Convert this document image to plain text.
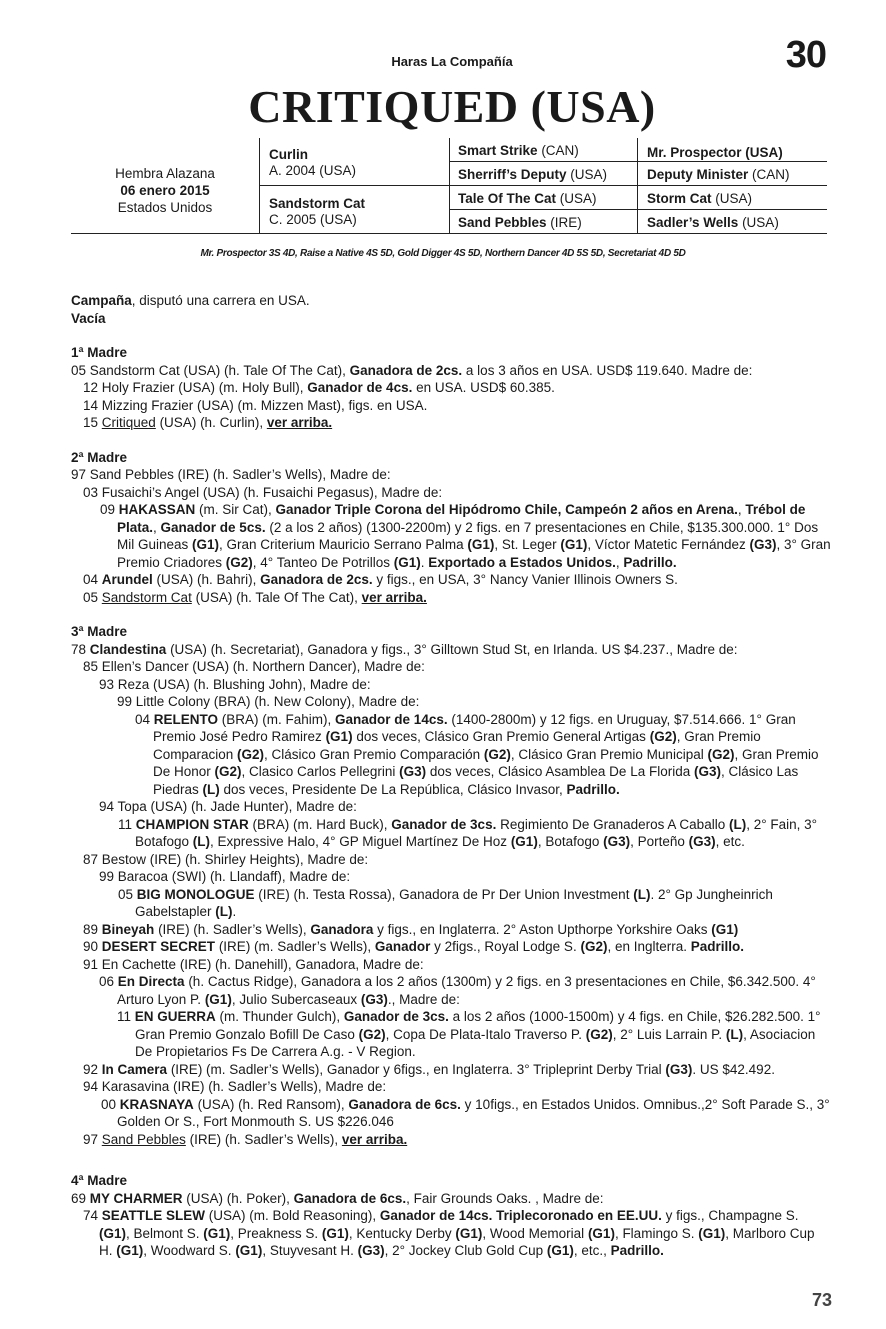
Haras La Compañía	30
CRITIQUED (USA)
Hembra Alazana
06 enero 2015
Estados Unidos
Curlin
A. 2004 (USA)
Sandstorm Cat
C. 2005 (USA)
Smart Strike (CAN)
Sherriff’s Deputy (USA)
Tale Of The Cat (USA)
Sand Pebbles (IRE)
Mr. Prospector (USA)
Deputy Minister (CAN)
Storm Cat (USA)
Sadler’s Wells (USA)
Mr. Prospector 3S 4D, Raise a Native 4S 5D, Gold Digger 4S 5D, Northern Dancer 4D 5S 5D, Secretariat 4D 5D
Campaña, disputó una carrera en USA.
Vacía
1ª Madre
05 Sandstorm Cat (USA) (h. Tale Of The Cat), Ganadora de 2cs. a los 3 años en USA. USD$ 119.640. Madre de:
12 Holy Frazier (USA) (m. Holy Bull), Ganador de 4cs. en USA. USD$ 60.385.
14 Mizzing Frazier (USA) (m. Mizzen Mast), figs. en USA.
15 Critiqued (USA) (h. Curlin), ver arriba.
2ª Madre
97 Sand Pebbles (IRE) (h. Sadler’s Wells), Madre de:
03 Fusaichi’s Angel (USA) (h. Fusaichi Pegasus), Madre de:
09 HAKASSAN (m. Sir Cat), Ganador Triple Corona del Hipódromo Chile, Campeón 2 años en Arena., Trébol de Plata., Ganador de 5cs. (2 a los 2 años) (1300-2200m) y 2 figs. en 7 presentaciones en Chile, $135.300.000. 1° Dos Mil Guineas (G1), Gran Criterium Mauricio Serrano Palma (G1), St. Leger (G1), Víctor Matetic Fernández (G3), 3° Gran Premio Criadores (G2), 4° Tanteo De Potrillos (G1). Exportado a Estados Unidos., Padrillo.
04 Arundel (USA) (h. Bahri), Ganadora de 2cs. y figs., en USA, 3° Nancy Vanier Illinois Owners S.
05 Sandstorm Cat (USA) (h. Tale Of The Cat), ver arriba.
3ª Madre
78 Clandestina (USA) (h. Secretariat), Ganadora y figs., 3° Gilltown Stud St, en Irlanda. US $4.237., Madre de:
85 Ellen’s Dancer (USA) (h. Northern Dancer), Madre de:
93 Reza (USA) (h. Blushing John), Madre de:
99 Little Colony (BRA) (h. New Colony), Madre de:
04 RELENTO (BRA) (m. Fahim), Ganador de 14cs. (1400-2800m) y 12 figs. en Uruguay, $7.514.666. 1° Gran Premio José Pedro Ramirez (G1) dos veces, Clásico Gran Premio General Artigas (G2), Gran Premio Comparacion (G2), Clásico Gran Premio Comparación (G2), Clásico Gran Premio Municipal (G2), Gran Premio De Honor (G2), Clasico Carlos Pellegrini (G3) dos veces, Clásico Asamblea De La Florida (G3), Clásico Las Piedras (L) dos veces, Presidente De La República, Clásico Invasor, Padrillo.
94 Topa (USA) (h. Jade Hunter), Madre de:
11 CHAMPION STAR (BRA) (m. Hard Buck), Ganador de 3cs. Regimiento De Granaderos A Caballo (L), 2° Fain, 3° Botafogo (L), Expressive Halo, 4° GP Miguel Martínez De Hoz (G1), Botafogo (G3), Porteño (G3), etc.
87 Bestow (IRE) (h. Shirley Heights), Madre de:
99 Baracoa (SWI) (h. Llandaff), Madre de:
05 BIG MONOLOGUE (IRE) (h. Testa Rossa), Ganadora de Pr Der Union Investment (L). 2° Gp Jungheinrich Gabelstapler (L).
89 Bineyah (IRE) (h. Sadler’s Wells), Ganadora y figs., en Inglaterra. 2° Aston Upthorpe Yorkshire Oaks (G1)
90 DESERT SECRET (IRE) (m. Sadler’s Wells), Ganador y 2figs., Royal Lodge S. (G2), en Inglterra. Padrillo.
91 En Cachette (IRE) (h. Danehill), Ganadora, Madre de:
06 En Directa (h. Cactus Ridge), Ganadora a los 2 años (1300m) y 2 figs. en 3 presentaciones en Chile, $6.342.500. 4° Arturo Lyon P. (G1), Julio Subercaseaux (G3)., Madre de:
11 EN GUERRA (m. Thunder Gulch), Ganador de 3cs. a los 2 años (1000-1500m) y 4 figs. en Chile, $26.282.500. 1° Gran Premio Gonzalo Bofill De Caso (G2), Copa De Plata-Italo Traverso P. (G2), 2° Luis Larrain P. (L), Asociacion De Propietarios Fs De Carrera A.g. - V Region.
92 In Camera (IRE) (m. Sadler’s Wells), Ganador y 6figs., en Inglaterra. 3° Tripleprint Derby Trial (G3). US $42.492.
94 Karasavina (IRE) (h. Sadler’s Wells), Madre de:
00 KRASNAYA (USA) (h. Red Ransom), Ganadora de 6cs. y 10figs., en Estados Unidos. Omnibus.,2° Soft Parade S., 3° Golden Or S., Fort Monmouth S. US $226.046
97 Sand Pebbles (IRE) (h. Sadler’s Wells), ver arriba.
4ª Madre
69 MY CHARMER (USA) (h. Poker), Ganadora de 6cs., Fair Grounds Oaks. , Madre de:
74 SEATTLE SLEW (USA) (m. Bold Reasoning), Ganador de 14cs. Triplecoronado en EE.UU. y figs., Champagne S. (G1), Belmont S. (G1), Preakness S. (G1), Kentucky Derby (G1), Wood Memorial (G1), Flamingo S. (G1), Marlboro Cup H. (G1), Woodward S. (G1), Stuyvesant H. (G3), 2° Jockey Club Gold Cup (G1), etc., Padrillo.
73
